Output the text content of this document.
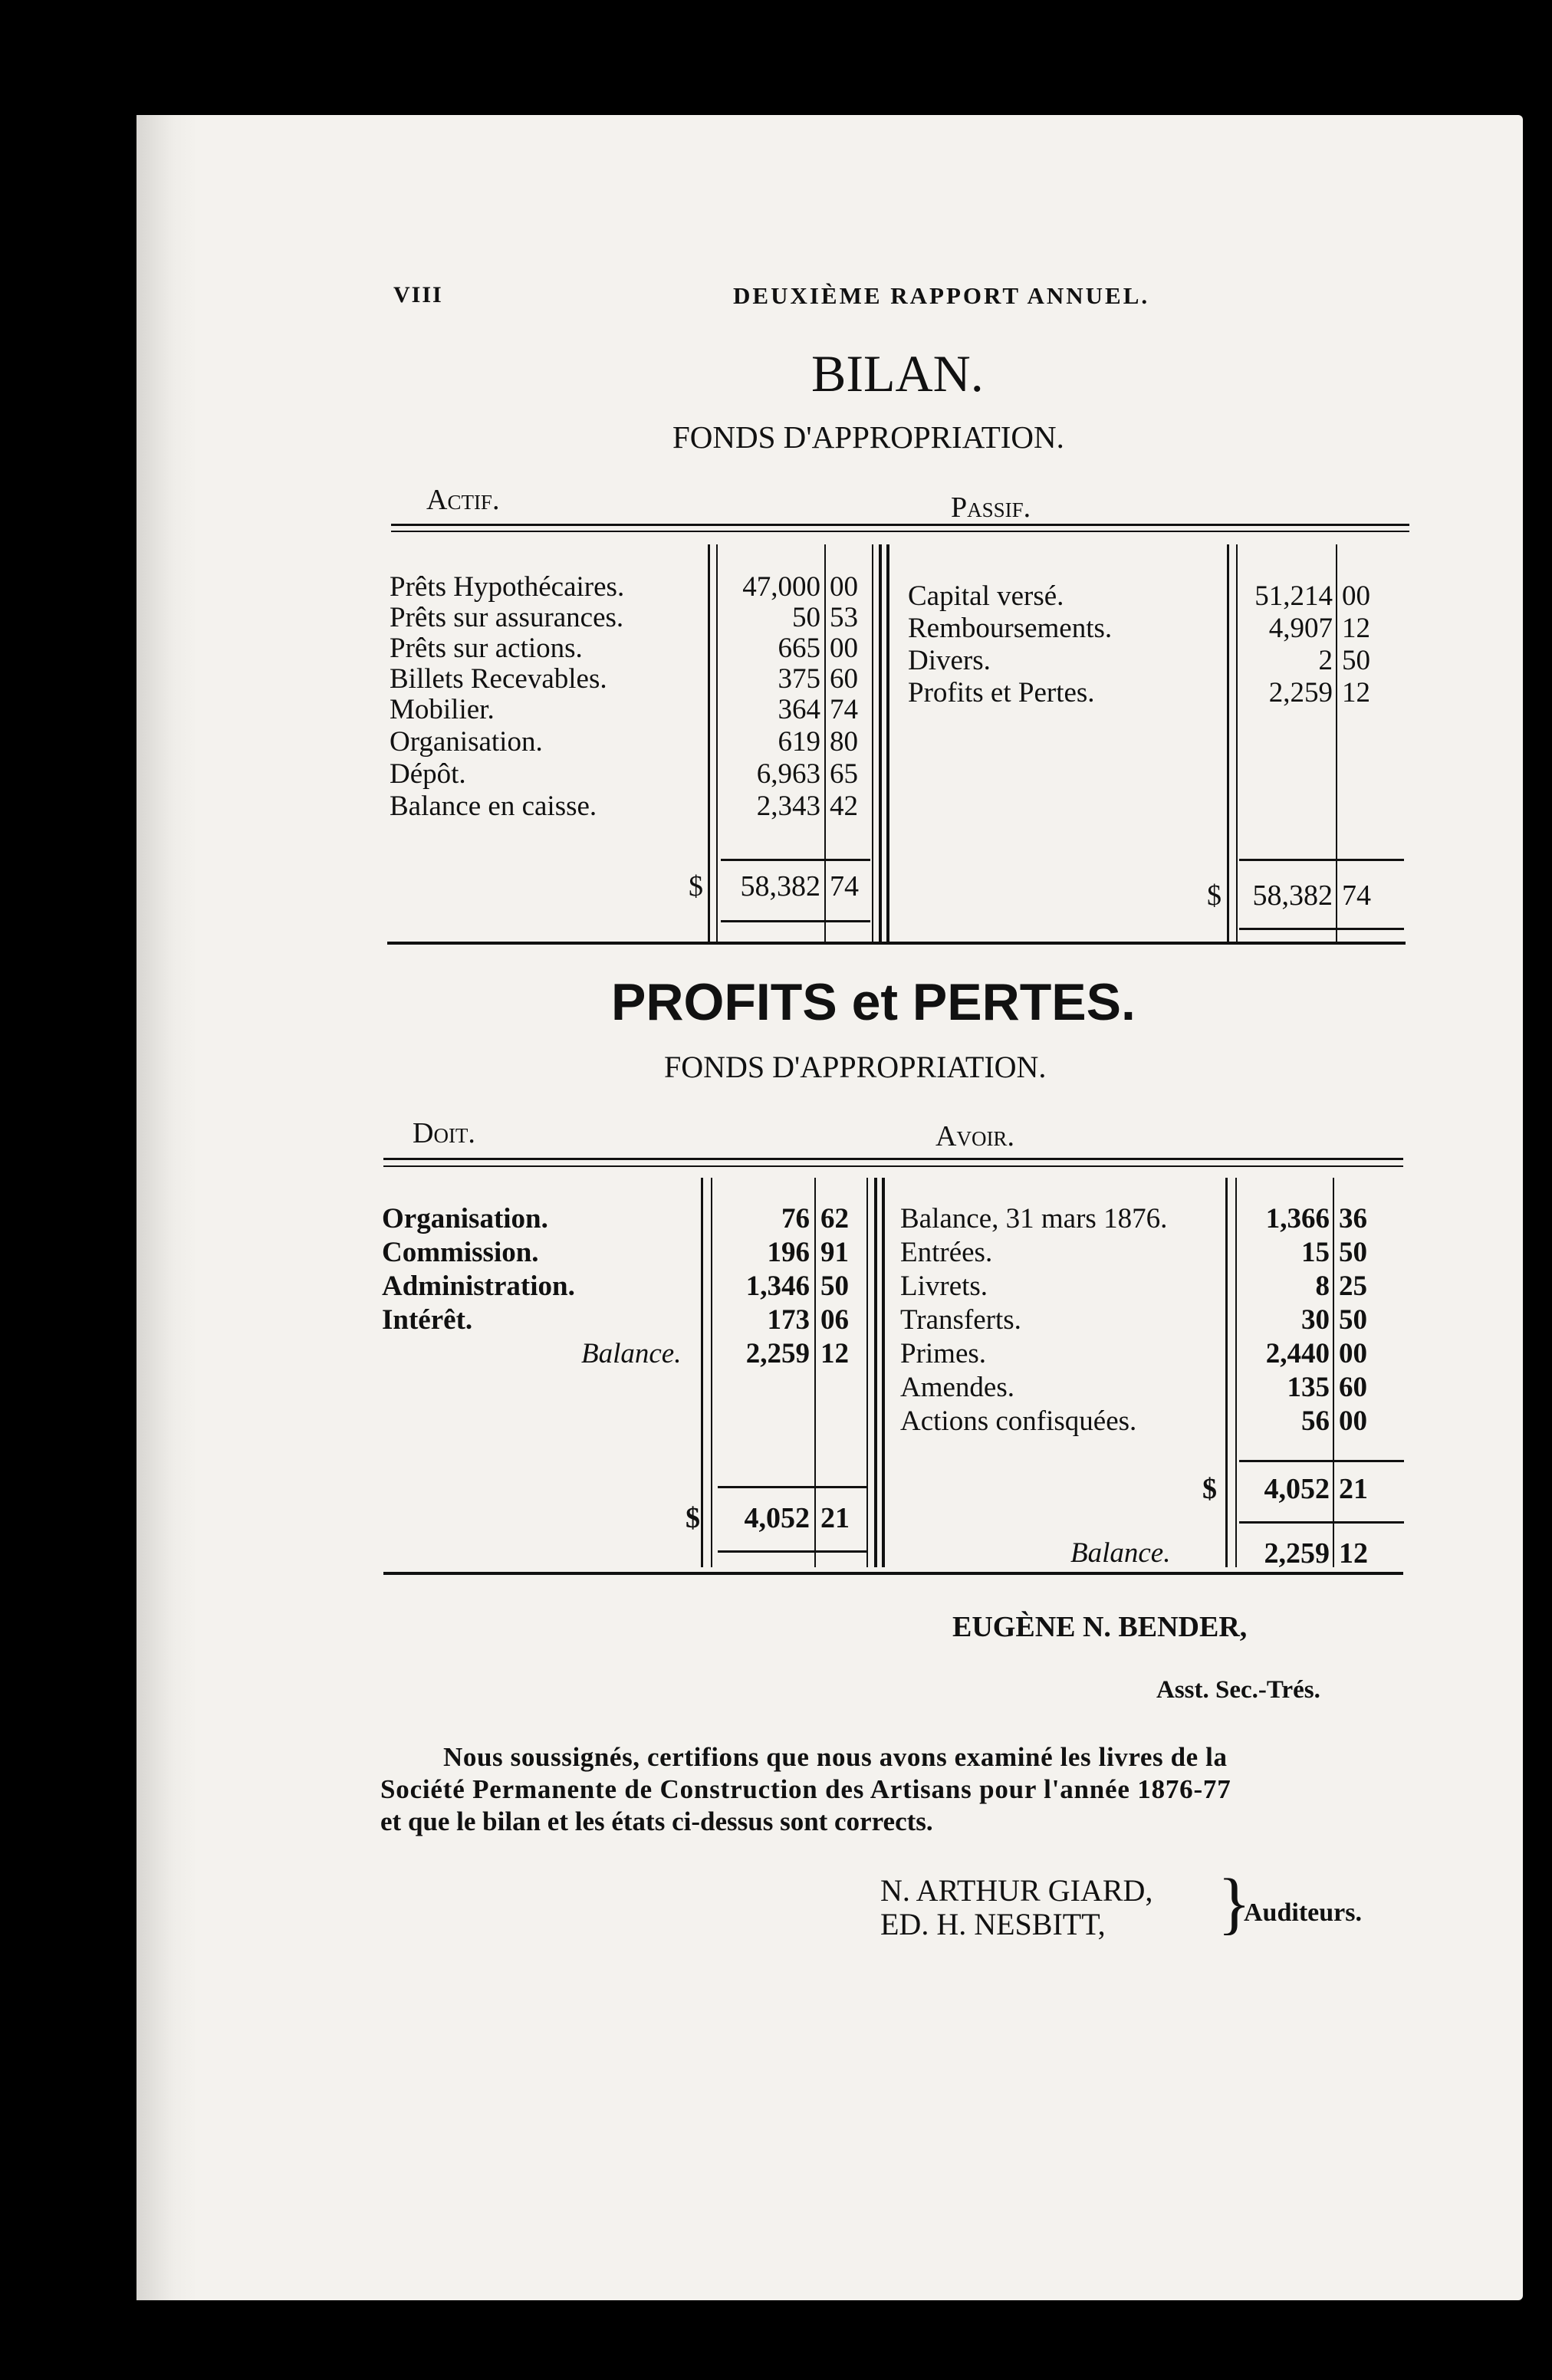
VIII	DEUXIÈME RAPPORT ANNUEL.
BILAN.
FONDS D'APPROPRIATION.
Actif.	Passif.
Prêts Hypothécaires.	47,000 00
Prêts sur assurances.	50 53
Prêts sur actions.	665 00
Billets Recevables.	375 60
Mobilier.	364 74
Organisation.	619 80
Dépôt.	6,963 65
Balance en caisse.	2,343 42
Capital versé.	51,214 00
Remboursements.	4,907 12
Divers.	2 50
Profits et Pertes.	2,259 12
$ 58,382 74	$ 58,382 74
PROFITS et PERTES.
FONDS D'APPROPRIATION.
Doit.	Avoir.
Organisation.	76 62
Commission.	196 91
Administration.	1,346 50
Intérêt.	173 06
Balance. 2,259 12
Balance, 31 mars 1876.	1,366 36
Entrées.	15 50
Livrets.	8 25
Transferts.	30 50
Primes.	2,440 00
Amendes.	135 60
Actions confisquées.	56 00
$ 4,052 21
$ 4,052 21
Balance.	2,259 12
EUGÈNE N. BENDER,
Asst. Sec.-Trés.
Nous soussignés, certifions que nous avons examiné les livres de la
Société Permanente de Construction des Artisans pour l'année 1876-77
et que le bilan et les états ci-dessus sont corrects.
N. ARTHUR GIARD,
ED. H. NESBITT, }
Auditeurs.
